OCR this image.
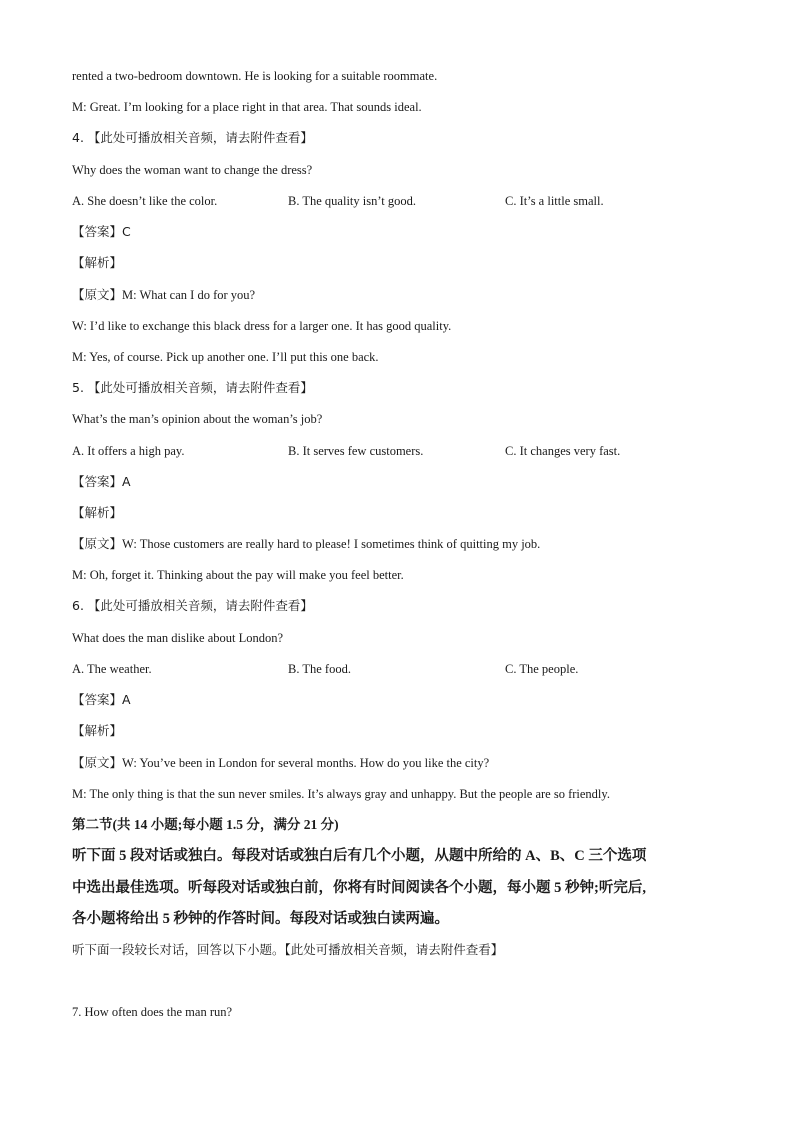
rented a two-bedroom downtown. He is looking for a suitable roommate.
M: Great. I’m looking for a place right in that area. That sounds ideal.
4. 【此处可播放相关音频，请去附件查看】
Why does the woman want to change the dress?
A. She doesn’t like the color.	B. The quality isn’t good.	C. It’s a little small.
【答案】C
【解析】
【原文】M: What can I do for you?
W: I’d like to exchange this black dress for a larger one. It has good quality.
M: Yes, of course. Pick up another one. I’ll put this one back.
5. 【此处可播放相关音频，请去附件查看】
What’s the man’s opinion about the woman’s job?
A. It offers a high pay.	B. It serves few customers.	C. It changes very fast.
【答案】A
【解析】
【原文】W: Those customers are really hard to please! I sometimes think of quitting my job.
M: Oh, forget it. Thinking about the pay will make you feel better.
6. 【此处可播放相关音频，请去附件查看】
What does the man dislike about London?
A. The weather.	B. The food.	C. The people.
【答案】A
【解析】
【原文】W: You’ve been in London for several months. How do you like the city?
M: The only thing is that the sun never smiles. It’s always gray and unhappy. But the people are so friendly.
第二节(共 14 小题;每小题 1.5 分，满分 21 分)
听下面 5 段对话或独白。每段对话或独白后有几个小题，从题中所给的 A、B、C 三个选项
中选出最佳选项。听每段对话或独白前，你将有时间阅读各个小题，每小题 5 秒钟;听完后,
各小题将给出 5 秒钟的作答时间。每段对话或独白读两遍。
听下面一段较长对话，回答以下小题。【此处可播放相关音频，请去附件查看】
7. How often does the man run?
